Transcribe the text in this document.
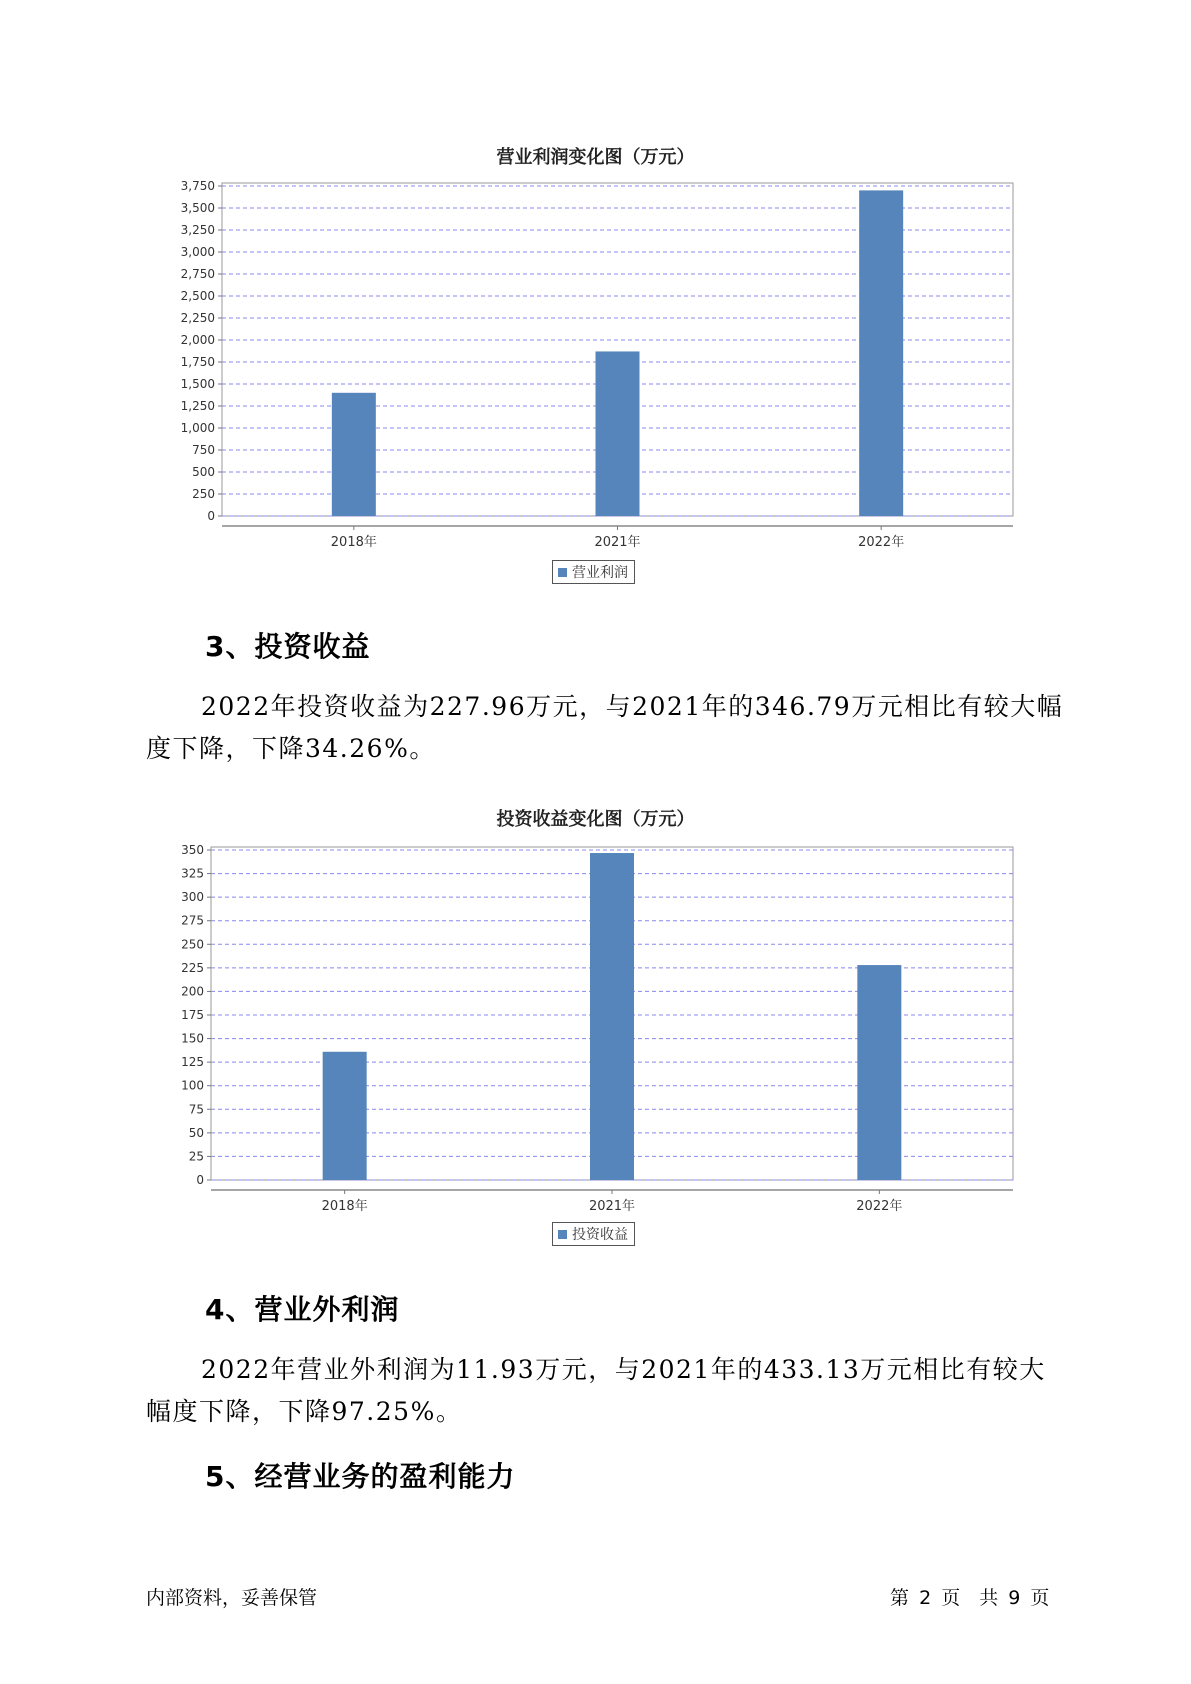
营业利润变化图（万元）
0
250
500
750
1,000
1,250
1,500
1,750
2,000
2,250
2,500
2,750
3,000
3,250
3,500
3,750
2018年	2021年	2022年
营业利润
3、投资收益

2022年投资收益为227.96万元，与2021年的346.79万元相比有较大幅度下降，下降34.26%。

投资收益变化图（万元）
0
25
50
75
100
125
150
175
200
225
250
275
300
325
350
2018年	2021年	2022年
投资收益
4、营业外利润

2022年营业外利润为11.93万元，与2021年的433.13万元相比有较大幅度下降，下降97.25%。

5、经营业务的盈利能力
内部资料，妥善保管	第 2 页　共 9 页
